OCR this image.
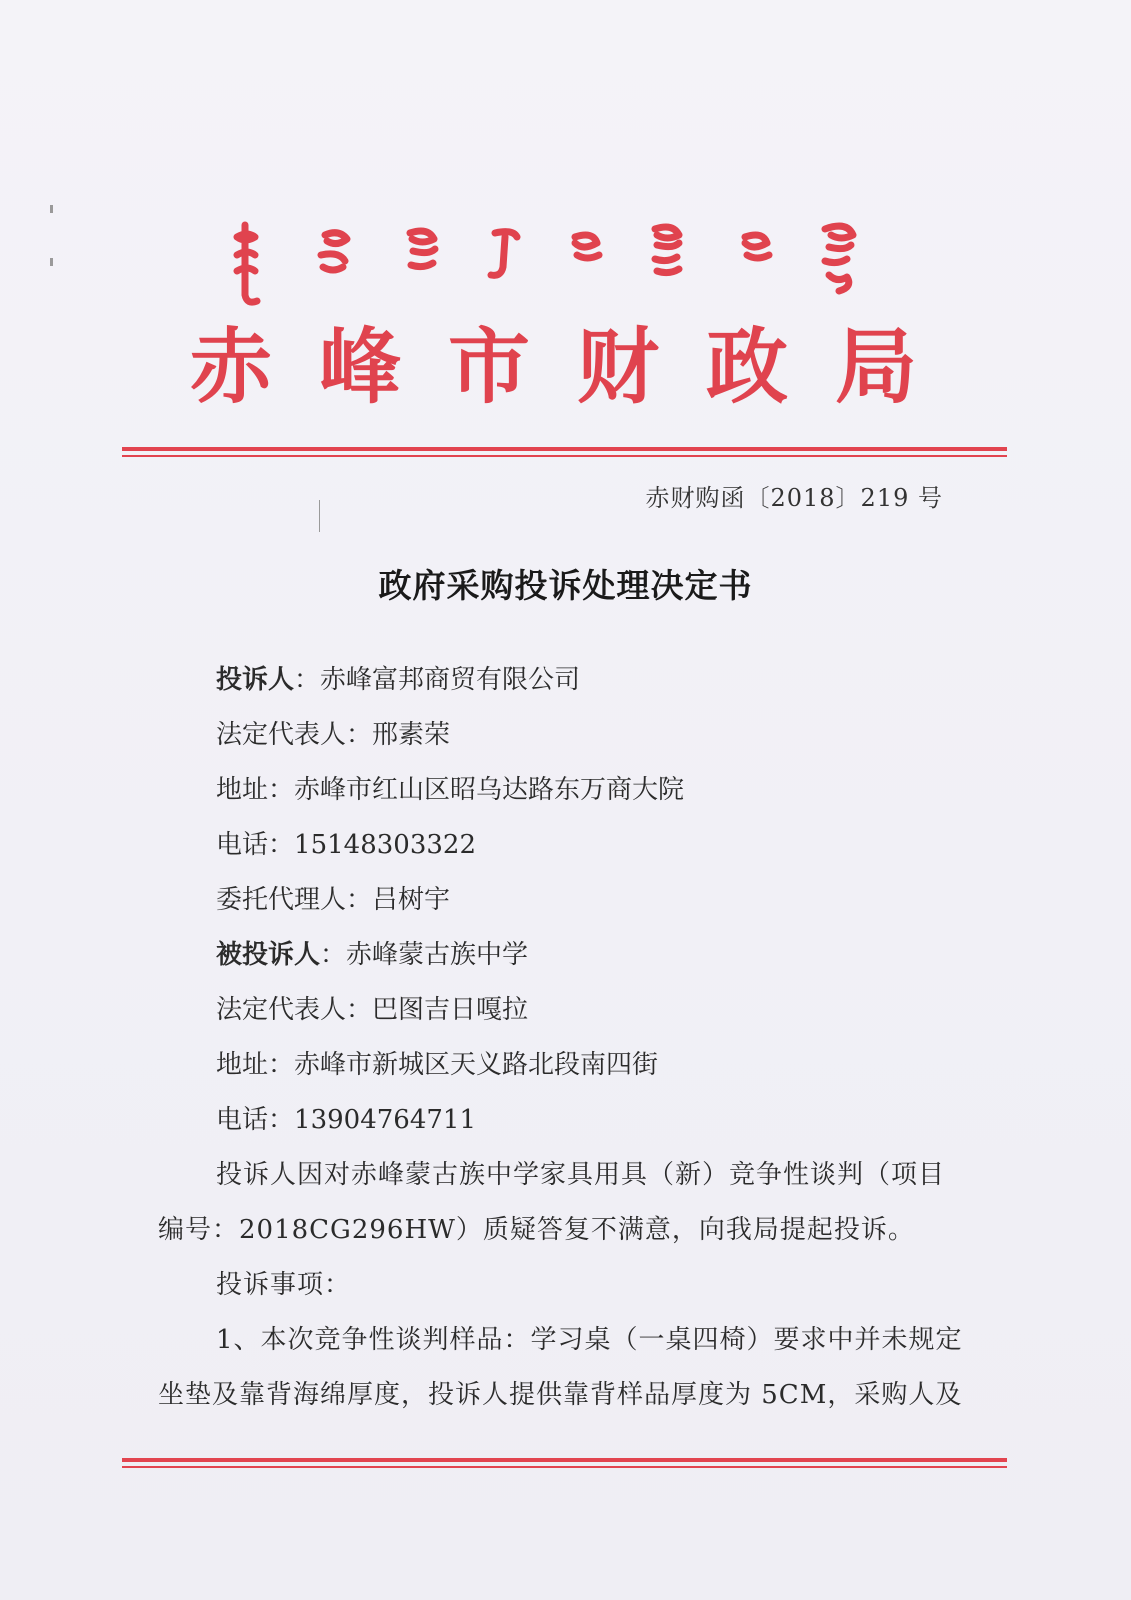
赤峰市财政局
赤财购函〔2018〕219 号
政府采购投诉处理决定书
投诉人：赤峰富邦商贸有限公司
法定代表人：邢素荣
地址：赤峰市红山区昭乌达路东万商大院
电话：15148303322
委托代理人：吕树宇
被投诉人：赤峰蒙古族中学
法定代表人：巴图吉日嘎拉
地址：赤峰市新城区天义路北段南四街
电话：13904764711
投诉人因对赤峰蒙古族中学家具用具（新）竞争性谈判（项目
编号：2018CG296HW）质疑答复不满意，向我局提起投诉。
投诉事项：
1、本次竞争性谈判样品：学习桌（一桌四椅）要求中并未规定
坐垫及靠背海绵厚度，投诉人提供靠背样品厚度为 5CM，采购人及
